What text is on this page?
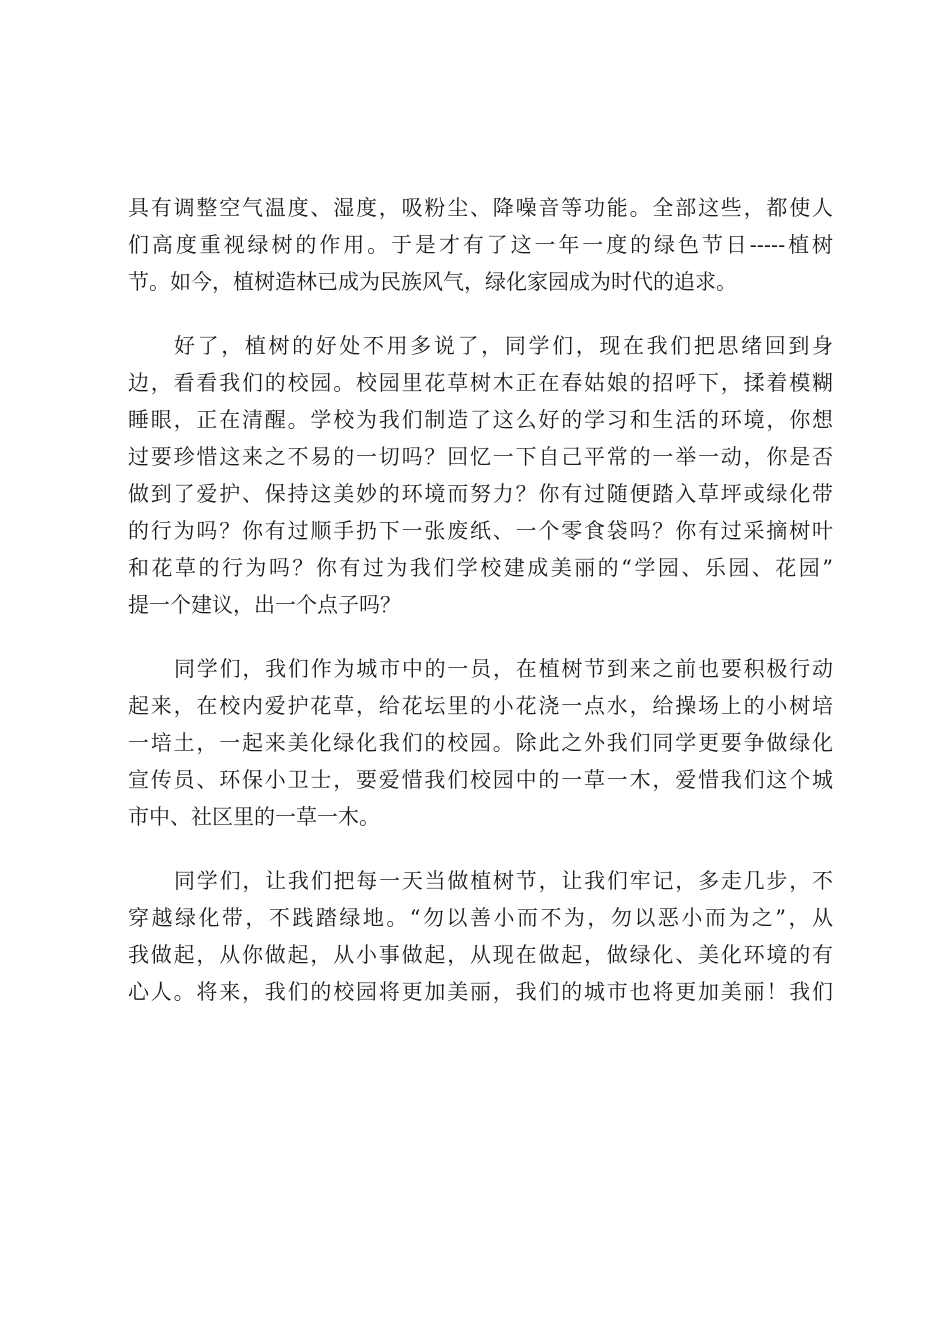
具有调整空气温度、湿度，吸粉尘、降噪音等功能。全部这些，都使人
们高度重视绿树的作用。于是才有了这一年一度的绿色节日-----植树
节。如今，植树造林已成为民族风气，绿化家园成为时代的追求。
好了，植树的好处不用多说了，同学们，现在我们把思绪回到身
边，看看我们的校园。校园里花草树木正在春姑娘的招呼下，揉着模糊
睡眼，正在清醒。学校为我们制造了这么好的学习和生活的环境，你想
过要珍惜这来之不易的一切吗？回忆一下自己平常的一举一动，你是否
做到了爱护、保持这美妙的环境而努力？你有过随便踏入草坪或绿化带
的行为吗？你有过顺手扔下一张废纸、一个零食袋吗？你有过采摘树叶
和花草的行为吗？你有过为我们学校建成美丽的“学园、乐园、花园”
提一个建议，出一个点子吗？
同学们，我们作为城市中的一员，在植树节到来之前也要积极行动
起来，在校内爱护花草，给花坛里的小花浇一点水，给操场上的小树培
一培土，一起来美化绿化我们的校园。除此之外我们同学更要争做绿化
宣传员、环保小卫士，要爱惜我们校园中的一草一木，爱惜我们这个城
市中、社区里的一草一木。
同学们，让我们把每一天当做植树节，让我们牢记，多走几步，不
穿越绿化带，不践踏绿地。“勿以善小而不为，勿以恶小而为之”，从
我做起，从你做起，从小事做起，从现在做起，做绿化、美化环境的有
心人。将来，我们的校园将更加美丽，我们的城市也将更加美丽！我们
